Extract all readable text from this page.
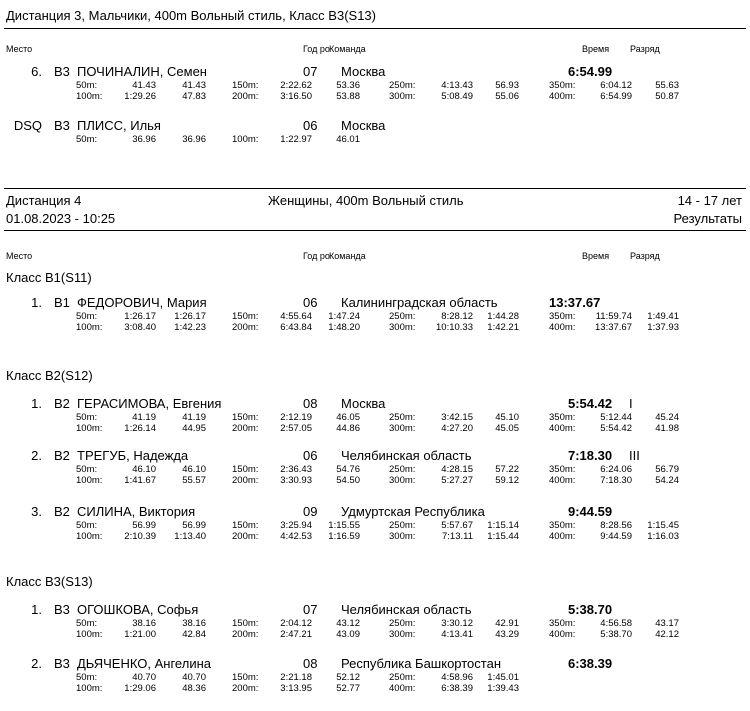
Дистанция 3, Мальчики, 400m Вольный стиль, Класс В3(S13)
Место	Год ро Команда	Время Разряд
6. В3 ПОЧИНАЛИН, Семен	07 Москва	6:54.99
50m:	41.43	41.43	150m:	2:22.62	53.36	250m:	4:13.43	56.93	350m:	6:04.12	55.63
100m:	1:29.26	47.83	200m:	3:16.50	53.88	300m:	5:08.49	55.06	400m:	6:54.99	50.87
DSQ В3 ПЛИСС, Илья	06 Москва
50m:	36.96	36.96	100m:	1:22.97	46.01
Дистанция 4	Женщины, 400m Вольный стиль	14 - 17 лет
01.08.2023 - 10:25	Результаты
Место	Год ро Команда	Время Разряд
Класс В1(S11)
1. В1 ФЕДОРОВИЧ, Мария	06 Калининградская область	13:37.67
50m:	1:26.17	1:26.17	150m:	4:55.64	1:47.24	250m:	8:28.12	1:44.28	350m:	11:59.74	1:49.41
100m:	3:08.40	1:42.23	200m:	6:43.84	1:48.20	300m:	10:10.33	1:42.21	400m:	13:37.67	1:37.93
Класс В2(S12)
1. В2 ГЕРАСИМОВА, Евгения	08 Москва	5:54.42 I
50m:	41.19	41.19	150m:	2:12.19	46.05	250m:	3:42.15	45.10	350m:	5:12.44	45.24
100m:	1:26.14	44.95	200m:	2:57.05	44.86	300m:	4:27.20	45.05	400m:	5:54.42	41.98
2. В2 ТРЕГУБ, Надежда	06 Челябинская область	7:18.30 III
50m:	46.10	46.10	150m:	2:36.43	54.76	250m:	4:28.15	57.22	350m:	6:24.06	56.79
100m:	1:41.67	55.57	200m:	3:30.93	54.50	300m:	5:27.27	59.12	400m:	7:18.30	54.24
3. В2 СИЛИНА, Виктория	09 Удмуртская Республика	9:44.59
50m:	56.99	56.99	150m:	3:25.94	1:15.55	250m:	5:57.67	1:15.14	350m:	8:28.56	1:15.45
100m:	2:10.39	1:13.40	200m:	4:42.53	1:16.59	300m:	7:13.11	1:15.44	400m:	9:44.59	1:16.03
Класс В3(S13)
1. В3 ОГОШКОВА, Софья	07 Челябинская область	5:38.70
50m:	38.16	38.16	150m:	2:04.12	43.12	250m:	3:30.12	42.91	350m:	4:56.58	43.17
100m:	1:21.00	42.84	200m:	2:47.21	43.09	300m:	4:13.41	43.29	400m:	5:38.70	42.12
2. В3 ДЬЯЧЕНКО, Ангелина	08 Республика Башкортостан	6:38.39
50m:	40.70	40.70	150m:	2:21.18	52.12	250m:	4:58.96	1:45.01
100m:	1:29.06	48.36	200m:	3:13.95	52.77	400m:	6:38.39	1:39.43
